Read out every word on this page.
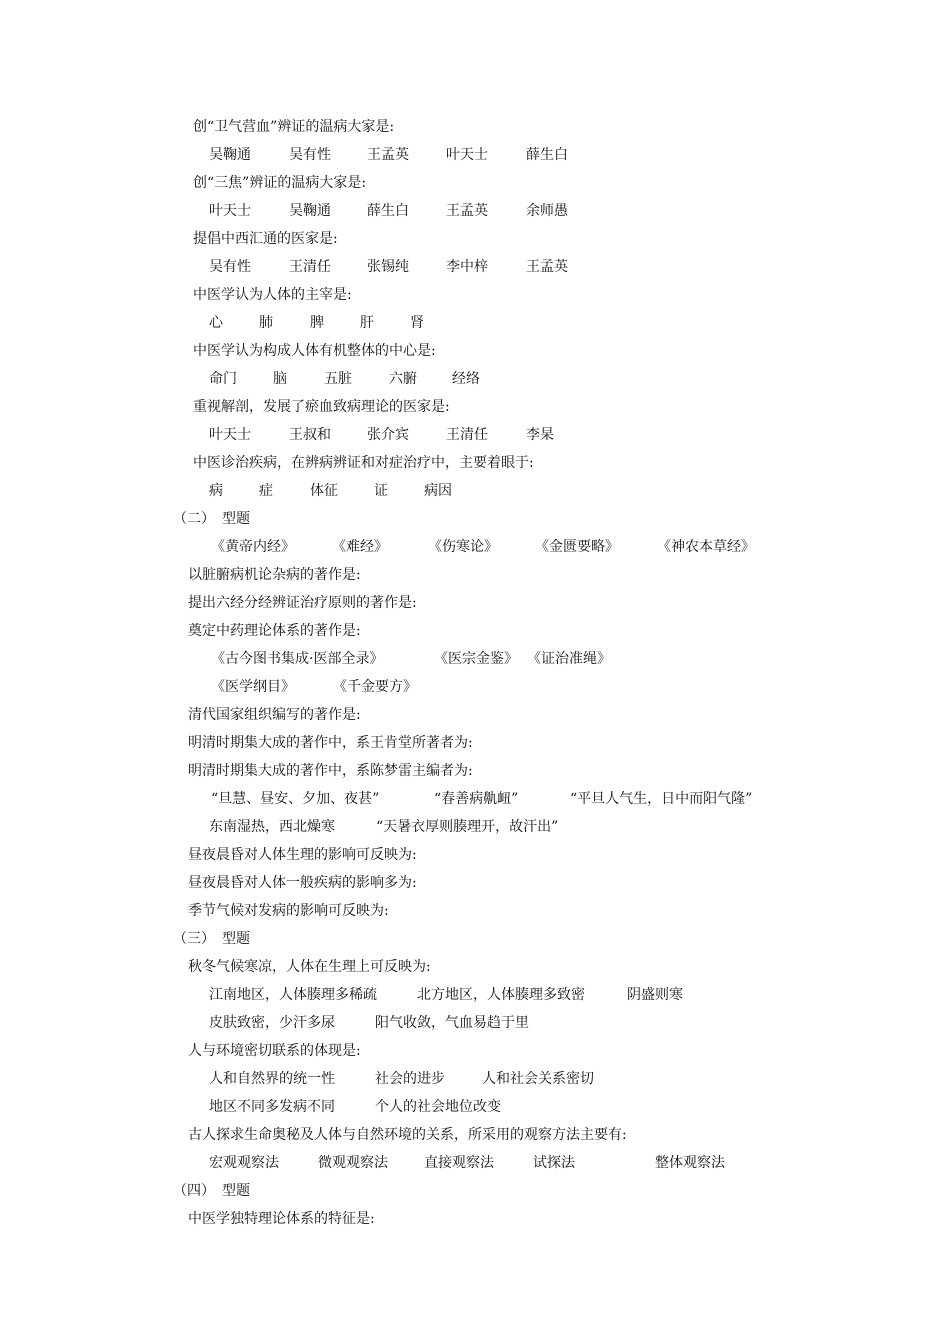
创“卫气营血”辨证的温病大家是:
吴鞠通	吴有性	王孟英	叶天士	薛生白
创“三焦”辨证的温病大家是:
叶天士	吴鞠通	薛生白	王孟英	余师愚
提倡中西汇通的医家是:
吴有性	王清任	张锡纯	李中梓	王孟英
中医学认为人体的主宰是:
心	肺	脾	肝	肾
中医学认为构成人体有机整体的中心是:
命门	脑	五脏	六腑	经络
重视解剖，发展了瘀血致病理论的医家是:
叶天士	王叔和	张介宾	王清任	李杲
中医诊治疾病，在辨病辨证和对症治疗中，主要着眼于:
病	症	体征	证	病因
（二）　型题
《黄帝内经》	《难经》	《伤寒论》	《金匮要略》	《神农本草经》
以脏腑病机论杂病的著作是:
提出六经分经辨证治疗原则的著作是:
奠定中药理论体系的著作是:
《古今图书集成·医部全录》	《医宗金鉴》 《证治准绳》
《医学纲目》	《千金要方》
清代国家组织编写的著作是:
明清时期集大成的著作中，系王肯堂所著者为:
明清时期集大成的著作中，系陈梦雷主编者为:
“旦慧、昼安、夕加、夜甚”	“春善病鼽衄”	“平旦人气生，日中而阳气隆”
东南湿热，西北燥寒	“天暑衣厚则腠理开，故汗出”
昼夜晨昏对人体生理的影响可反映为:
昼夜晨昏对人体一般疾病的影响多为:
季节气候对发病的影响可反映为:
（三）　型题
秋冬气候寒凉，人体在生理上可反映为:
江南地区，人体腠理多稀疏	北方地区，人体腠理多致密	阴盛则寒
皮肤致密，少汗多尿	阳气收敛，气血易趋于里
人与环境密切联系的体现是:
人和自然界的统一性	社会的进步	人和社会关系密切
地区不同多发病不同	个人的社会地位改变
古人探求生命奥秘及人体与自然环境的关系，所采用的观察方法主要有:
宏观观察法	微观观察法	直接观察法	试探法	整体观察法
（四）　型题
中医学独特理论体系的特征是:
